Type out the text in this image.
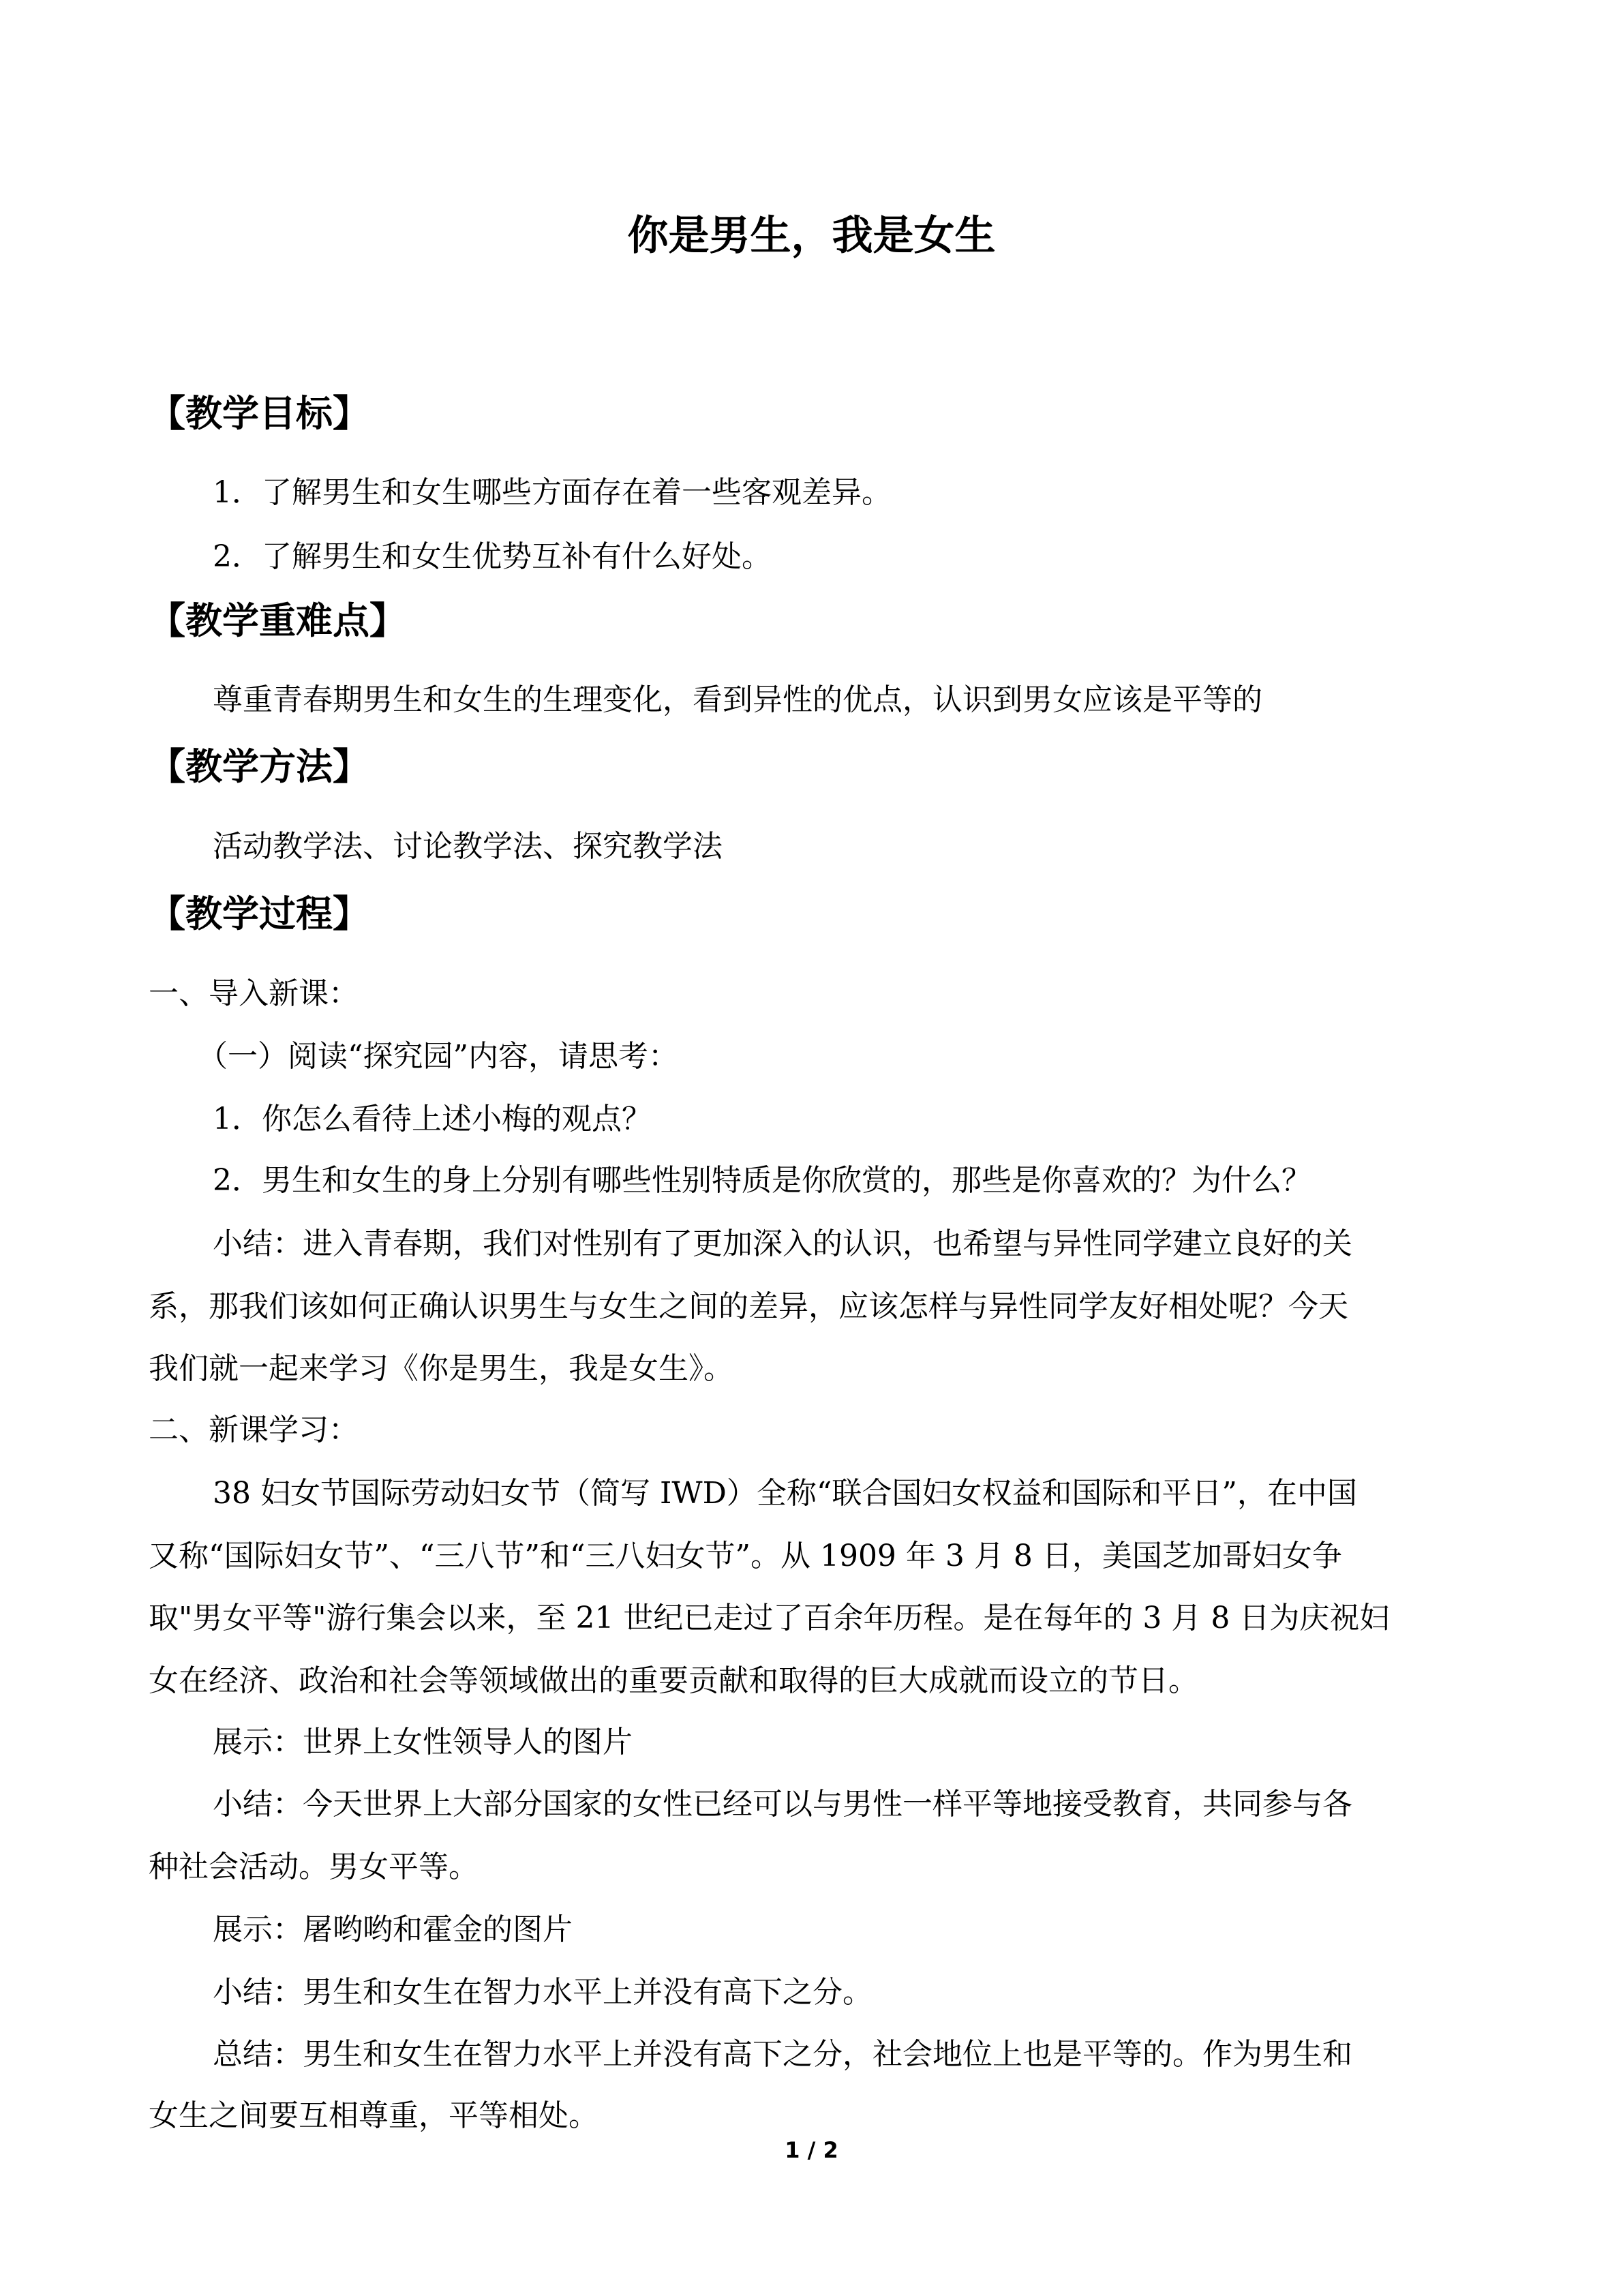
你是男生，我是女生
【教学目标】

1．了解男生和女生哪些方面存在着一些客观差异。

2．了解男生和女生优势互补有什么好处。

【教学重难点】

尊重青春期男生和女生的生理变化，看到异性的优点，认识到男女应该是平等的

【教学方法】

活动教学法、讨论教学法、探究教学法

【教学过程】

一、导入新课：

（一）阅读“探究园”内容，请思考：

1．你怎么看待上述小梅的观点？

2．男生和女生的身上分别有哪些性别特质是你欣赏的，那些是你喜欢的？为什么？

小结：进入青春期，我们对性别有了更加深入的认识，也希望与异性同学建立良好的关

系，那我们该如何正确认识男生与女生之间的差异，应该怎样与异性同学友好相处呢？今天

我们就一起来学习《你是男生，我是女生》。

二、新课学习：

38 妇女节国际劳动妇女节（简写 IWD）全称“联合国妇女权益和国际和平日”，在中国

又称“国际妇女节”、“三八节”和“三八妇女节”。从 1909 年 3 月 8 日，美国芝加哥妇女争

取"男女平等"游行集会以来，至 21 世纪已走过了百余年历程。是在每年的 3 月 8 日为庆祝妇

女在经济、政治和社会等领域做出的重要贡献和取得的巨大成就而设立的节日。

展示：世界上女性领导人的图片

小结：今天世界上大部分国家的女性已经可以与男性一样平等地接受教育，共同参与各

种社会活动。男女平等。

展示：屠哟哟和霍金的图片

小结：男生和女生在智力水平上并没有高下之分。

总结：男生和女生在智力水平上并没有高下之分，社会地位上也是平等的。作为男生和

女生之间要互相尊重，平等相处。

1 / 2
